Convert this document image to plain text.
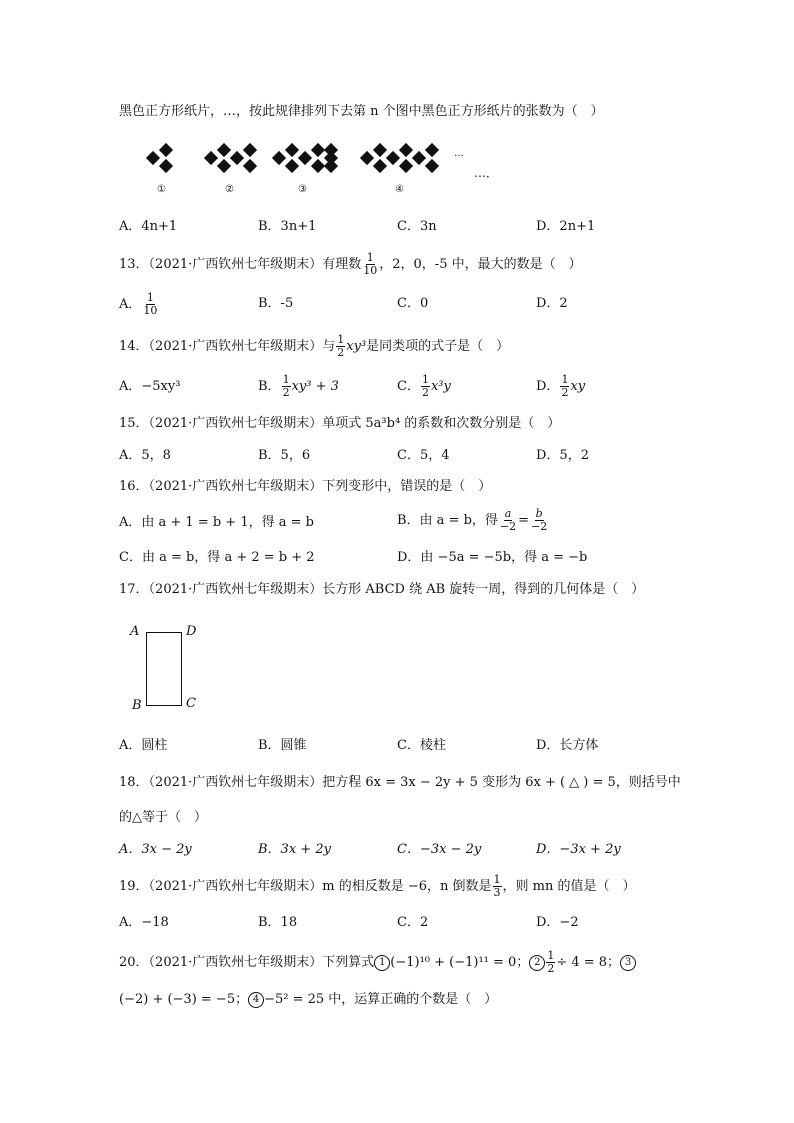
黑色正方形纸片，…，按此规律排列下去第 n 个图中黑色正方形纸片的张数为（　）
…
…．
①	②	③	④
A．4n+1	B．3n+1	C．3n	D．2n+1
13．（2021·广西钦州七年级期末）有理数 $\frac{1}{10}$ ，2，0，-5 中，最大的数是（　）
A． $\frac{1}{10}$	B．-5	C．0	D．2
14．（2021·广西钦州七年级期末）与 $\frac{1}{2} xy^3$是同类项的式子是（　）
A．−5xy³	B． $\frac{1}{2} xy^3 + 3$	C． $\frac{1}{2} x^3y$	D． $\frac{1}{2}$ xy
15．（2021·广西钦州七年级期末）单项式 5a³b⁴ 的系数和次数分别是（　）
A．5，8	B．5，6	C．5，4	D．5，2
16．（2021·广西钦州七年级期末）下列变形中，错误的是（　）
A．由 a + 1 = b + 1，得 a = b	B．由 a = b，得 $\frac{a}{-2} = \frac{b}{-2}$
C．由 a = b，得 a + 2 = b + 2	D．由 −5a = −5b，得 a = −b
17．（2021·广西钦州七年级期末）长方形 ABCD 绕 AB 旋转一周，得到的几何体是（　）
A	D
B	C
A．圆柱	B．圆锥	C．棱柱	D．长方体
18．（2021·广西钦州七年级期末）把方程 6x = 3x − 2y + 5 变形为 6x + ( △ ) = 5，则括号中
的△等于（　）
A．3x − 2y	B．3x + 2y	C．−3x − 2y	D．−3x + 2y
19．（2021·广西钦州七年级期末）m 的相反数是 −6，n 倒数是 $\frac{1}{3}$ ，则 mn 的值是（　）
A．−18	B．18	C．2	D．−2
20．（2021·广西钦州七年级期末）下列算式 1 (−1)¹⁰ + (−1)¹¹ = 0； $2 \frac{1}{2} \div 4 = 8$； 3
(−2) + (−3) = −5； 4 −5² = 25 中，运算正确的个数是（　）
